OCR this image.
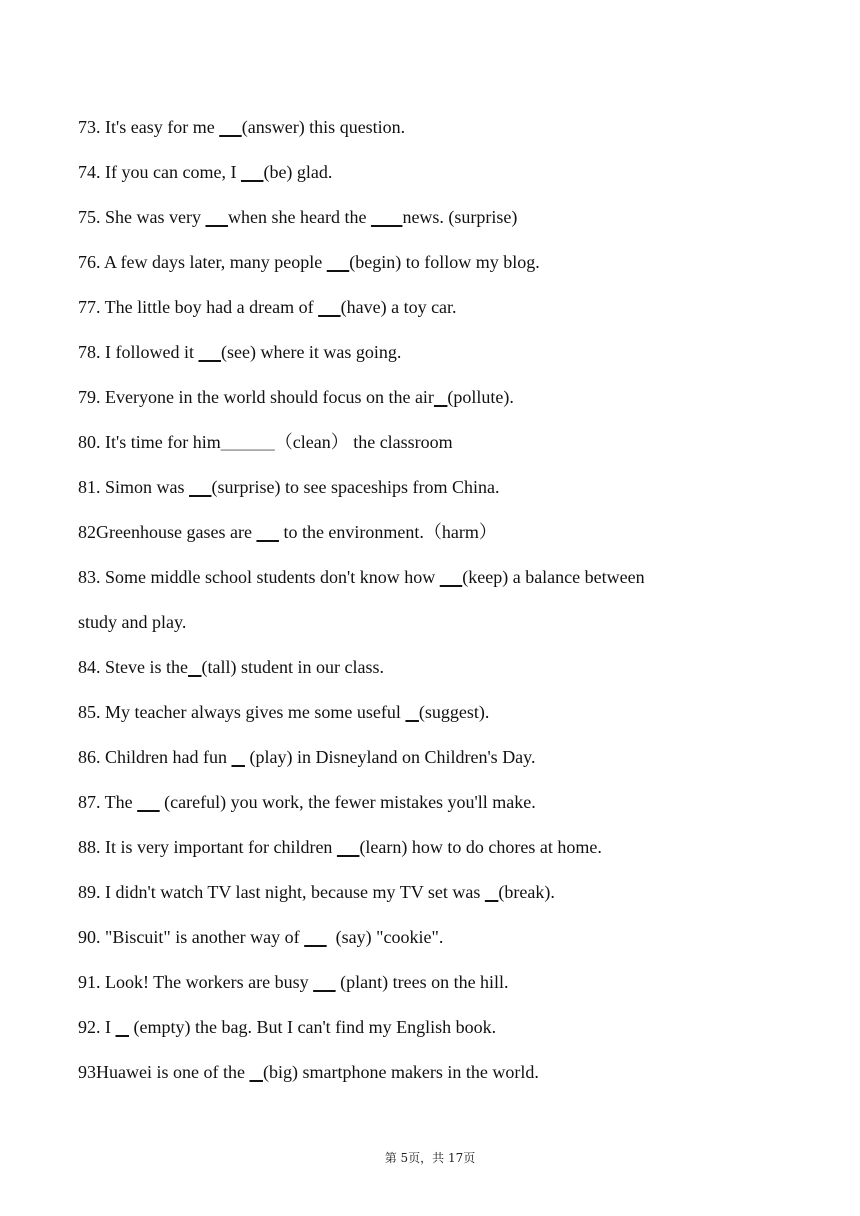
73. It's easy for me      (answer) this question.
74. If you can come, I      (be) glad.
75. She was very      when she heard the        news. (surprise)
76. A few days later, many people      (begin) to follow my blog.
77. The little boy had a dream of      (have) a toy car.
78. I followed it      (see) where it was going.
79. Everyone in the world should focus on the air (pollute).
80. It's time for him______（clean） the classroom
81. Simon was      (surprise) to see spaceships from China.
82Greenhouse gases are       to the environment.（harm）
83. Some middle school students don't know how      (keep) a balance between
study and play.
84. Steve is the (tall) student in our class.
85. My teacher always gives me some useful    (suggest).
86. Children had fun     (play) in Disneyland on Children's Day.
87. The       (careful) you work, the fewer mistakes you'll make.
88. It is very important for children      (learn) how to do chores at home.
89. I didn't watch TV last night, because my TV set was    (break).
90. "Biscuit" is another way of        (say) "cookie".
91. Look! The workers are busy       (plant) trees on the hill.
92. I     (empty) the bag. But I can't find my English book.
93Huawei is one of the    (big) smartphone makers in the world.
第 5页，共 17页
